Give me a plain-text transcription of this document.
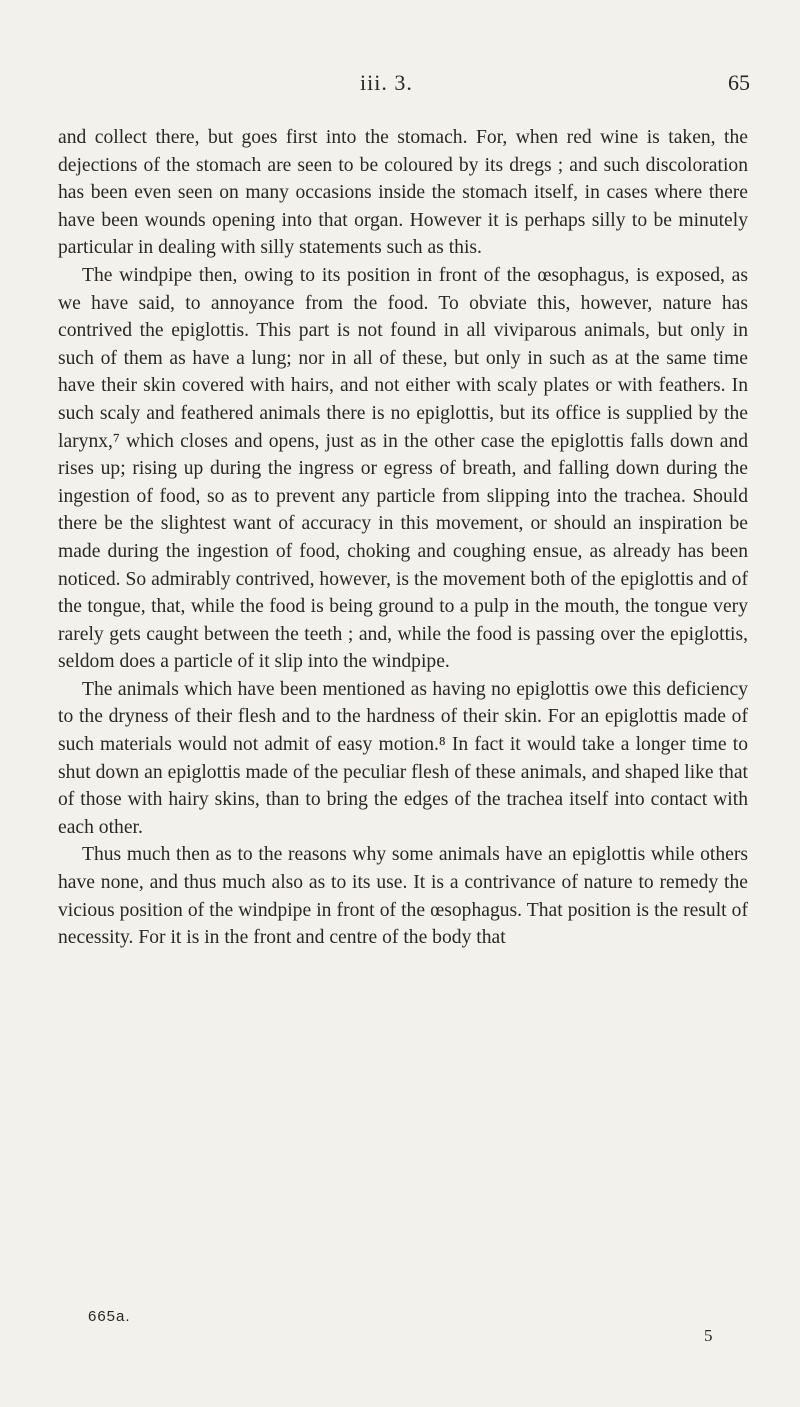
iii. 3.	65

and collect there, but goes first into the stomach. For, when red wine is taken, the dejections of the stomach are seen to be coloured by its dregs ; and such discoloration has been even seen on many occasions inside the stomach itself, in cases where there have been wounds opening into that organ. However it is perhaps silly to be minutely particular in dealing with silly statements such as this.

The windpipe then, owing to its position in front of the œsophagus, is exposed, as we have said, to annoyance from the food. To obviate this, however, nature has contrived the epiglottis. This part is not found in all viviparous animals, but only in such of them as have a lung; nor in all of these, but only in such as at the same time have their skin covered with hairs, and not either with scaly plates or with feathers. In such scaly and feathered animals there is no epiglottis, but its office is supplied by the larynx,⁷ which closes and opens, just as in the other case the epiglottis falls down and rises up; rising up during the ingress or egress of breath, and falling down during the ingestion of food, so as to prevent any particle from slipping into the trachea. Should there be the slightest want of accuracy in this movement, or should an inspiration be made during the ingestion of food, choking and coughing ensue, as already has been noticed. So admirably contrived, however, is the movement both of the epiglottis and of the tongue, that, while the food is being ground to a pulp in the mouth, the tongue very rarely gets caught between the teeth ; and, while the food is passing over the epiglottis, seldom does a particle of it slip into the windpipe.

The animals which have been mentioned as having no epiglottis owe this deficiency to the dryness of their flesh and to the hardness of their skin. For an epiglottis made of such materials would not admit of easy motion.⁸ In fact it would take a longer time to shut down an epiglottis made of the peculiar flesh of these animals, and shaped like that of those with hairy skins, than to bring the edges of the trachea itself into contact with each other.

Thus much then as to the reasons why some animals have an epiglottis while others have none, and thus much also as to its use. It is a contrivance of nature to remedy the vicious position of the windpipe in front of the œsophagus. That position is the result of necessity. For it is in the front and centre of the body that

665a.
5
